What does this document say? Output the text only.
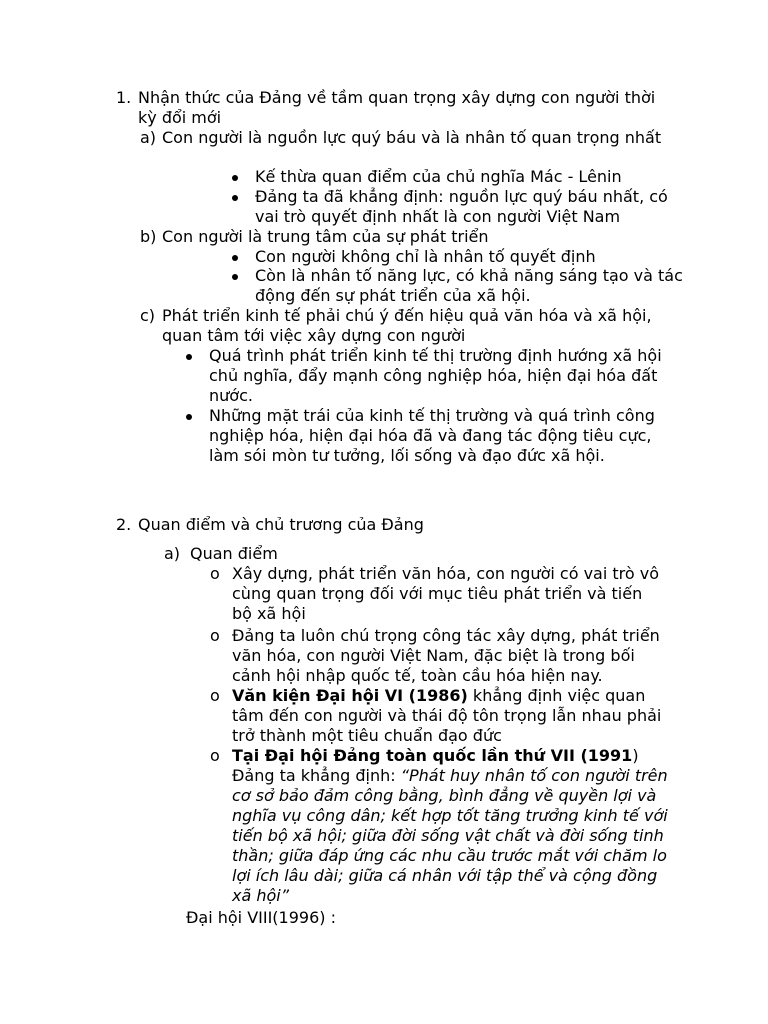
1. Nhận thức của Đảng về tầm quan trọng xây dựng con người thời kỳ đổi mới
a) Con người là nguồn lực quý báu và là nhân tố quan trọng nhất
Kế thừa quan điểm của chủ nghĩa Mác - Lênin
Đảng ta đã khẳng định: nguồn lực quý báu nhất, có vai trò quyết định nhất là con người Việt Nam
b) Con người là trung tâm của sự phát triển
Con người không chỉ là nhân tố quyết định
Còn là nhân tố năng lực, có khả năng sáng tạo và tác động đến sự phát triển của xã hội.
c) Phát triển kinh tế phải chú ý đến hiệu quả văn hóa và xã hội, quan tâm tới việc xây dựng con người
Quá trình phát triển kinh tế thị trường định hướng xã hội chủ nghĩa, đẩy mạnh công nghiệp hóa, hiện đại hóa đất nước.
Những mặt trái của kinh tế thị trường và quá trình công nghiệp hóa, hiện đại hóa đã và đang tác động tiêu cực, làm sói mòn tư tưởng, lối sống và đạo đức xã hội.
2. Quan điểm và chủ trương của Đảng
a) Quan điểm
o Xây dựng, phát triển văn hóa, con người có vai trò vô cùng quan trọng đối với mục tiêu phát triển và tiến bộ xã hội
o Đảng ta luôn chú trọng công tác xây dựng, phát triển văn hóa, con người Việt Nam, đặc biệt là trong bối cảnh hội nhập quốc tế, toàn cầu hóa hiện nay.
o Văn kiện Đại hội VI (1986) khẳng định việc quan tâm đến con người và thái độ tôn trọng lẫn nhau phải trở thành một tiêu chuẩn đạo đức
o Tại Đại hội Đảng toàn quốc lần thứ VII (1991)
Đảng ta khẳng định: “Phát huy nhân tố con người trên cơ sở bảo đảm công bằng, bình đẳng về quyền lợi và nghĩa vụ công dân; kết hợp tốt tăng trưởng kinh tế với tiến bộ xã hội; giữa đời sống vật chất và đời sống tinh thần; giữa đáp ứng các nhu cầu trước mắt với chăm lo lợi ích lâu dài; giữa cá nhân với tập thể và cộng đồng xã hội”
Đại hội VIII(1996) :
